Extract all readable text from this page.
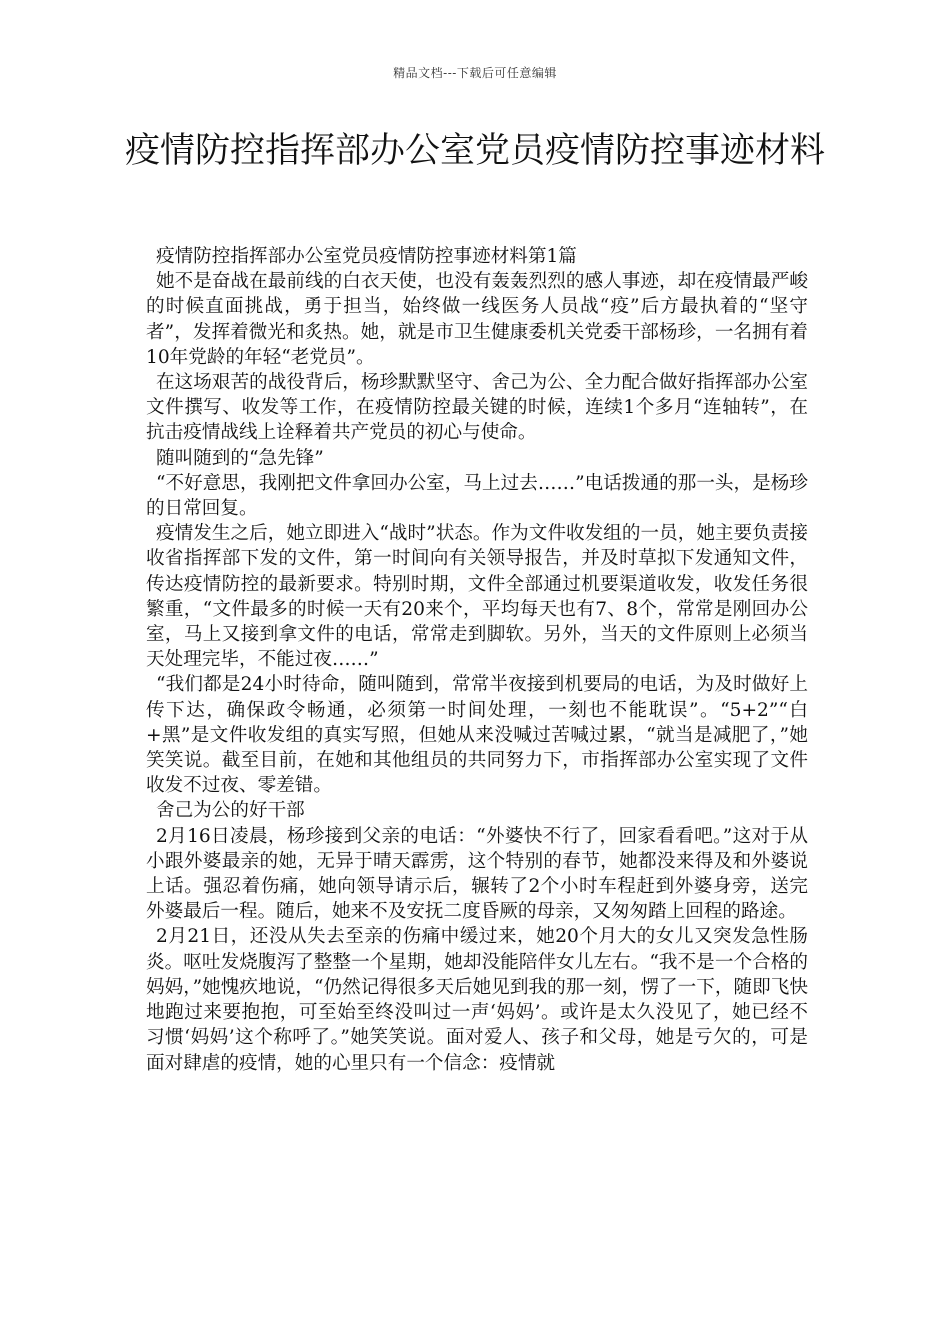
精品文档---下载后可任意编辑
疫情防控指挥部办公室党员疫情防控事迹材料

疫情防控指挥部办公室党员疫情防控事迹材料第1篇

她不是奋战在最前线的白衣天使，也没有轰轰烈烈的感人事迹，却在疫情最严峻的时候直面挑战，勇于担当，始终做一线医务人员战“疫”后方最执着的“坚守者”，发挥着微光和炙热。她，就是市卫生健康委机关党委干部杨珍，一名拥有着10年党龄的年轻“老党员”。

在这场艰苦的战役背后，杨珍默默坚守、舍己为公、全力配合做好指挥部办公室文件撰写、收发等工作，在疫情防控最关键的时候，连续1个多月“连轴转”，在抗击疫情战线上诠释着共产党员的初心与使命。

随叫随到的“急先锋”

“不好意思，我刚把文件拿回办公室，马上过去……”电话拨通的那一头，是杨珍的日常回复。

疫情发生之后，她立即进入“战时”状态。作为文件收发组的一员，她主要负责接收省指挥部下发的文件，第一时间向有关领导报告，并及时草拟下发通知文件，传达疫情防控的最新要求。特别时期，文件全部通过机要渠道收发，收发任务很繁重，“文件最多的时候一天有20来个，平均每天也有7、8个，常常是刚回办公室，马上又接到拿文件的电话，常常走到脚软。另外，当天的文件原则上必须当天处理完毕，不能过夜……”

“我们都是24小时待命，随叫随到，常常半夜接到机要局的电话，为及时做好上传下达，确保政令畅通，必须第一时间处理，一刻也不能耽误”。“5+2”“白+黑”是文件收发组的真实写照，但她从来没喊过苦喊过累，“就当是减肥了，”她笑笑说。截至目前，在她和其他组员的共同努力下，市指挥部办公室实现了文件收发不过夜、零差错。

舍己为公的好干部

2月16日凌晨，杨珍接到父亲的电话：“外婆快不行了，回家看看吧。”这对于从小跟外婆最亲的她，无异于晴天霹雳，这个特别的春节，她都没来得及和外婆说上话。强忍着伤痛，她向领导请示后，辗转了2个小时车程赶到外婆身旁，送完外婆最后一程。随后，她来不及安抚二度昏厥的母亲，又匆匆踏上回程的路途。

2月21日，还没从失去至亲的伤痛中缓过来，她20个月大的女儿又突发急性肠炎。呕吐发烧腹泻了整整一个星期，她却没能陪伴女儿左右。“我不是一个合格的妈妈，”她愧疚地说，“仍然记得很多天后她见到我的那一刻，愣了一下，随即飞快地跑过来要抱抱，可至始至终没叫过一声‘妈妈’。或许是太久没见了，她已经不习惯‘妈妈’这个称呼了。”她笑笑说。面对爱人、孩子和父母，她是亏欠的，可是面对肆虐的疫情，她的心里只有一个信念：疫情就
